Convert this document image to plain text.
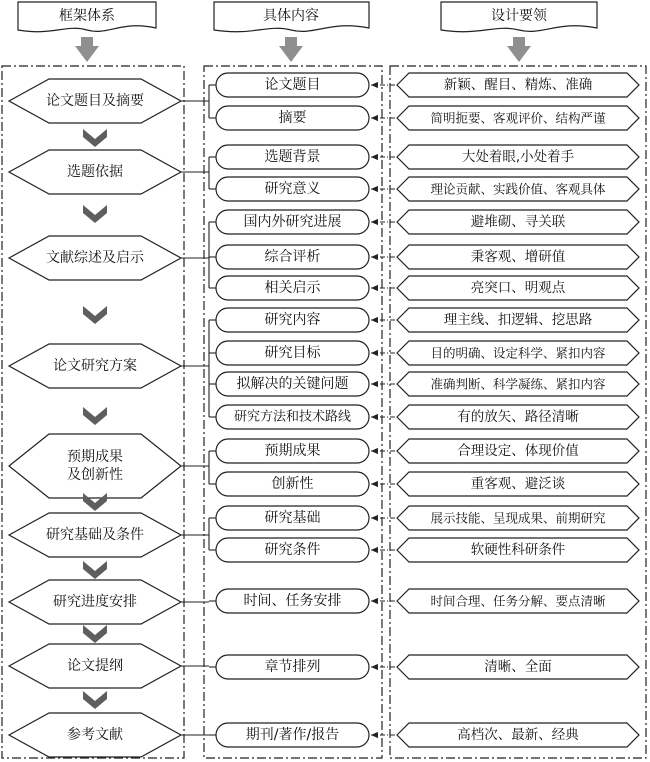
框架体系	具体内容	设计要领
论文题目及摘要
选题依据
文献综述及启示
论文研究方案
预期成果
及创新性
研究基础及条件
研究进度安排
论文提纲
参考文献
论文题目
摘要
选题背景
研究意义
国内外研究进展
综合评析
相关启示
研究内容
研究目标
拟解决的关键问题
研究方法和技术路线
预期成果
创新性
研究基础
研究条件
时间、任务安排
章节排列
期刊/著作/报告
新颖、醒目、精炼、准确
简明扼要、客观评价、结构严谨
大处着眼,小处着手
理论贡献、实践价值、客观具体
避堆砌、寻关联
秉客观、增研值
亮突口、明观点
理主线、扣逻辑、挖思路
目的明确、设定科学、紧扣内容
准确判断、科学凝练、紧扣内容
有的放矢、路径清晰
合理设定、体现价值
重客观、避泛谈
展示技能、呈现成果、前期研究
软硬性科研条件
时间合理、任务分解、要点清晰
清晰、全面
高档次、最新、经典
